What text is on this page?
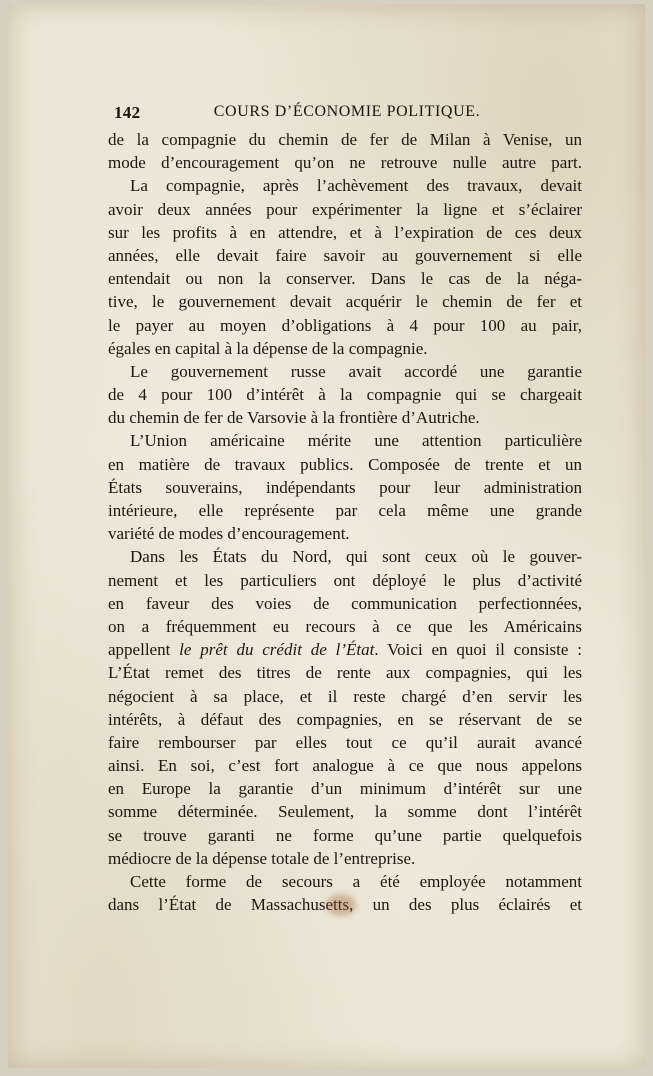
142	COURS D’ÉCONOMIE POLITIQUE.
de la compagnie du chemin de fer de Milan à Venise, un
mode d’encouragement qu’on ne retrouve nulle autre part.
La compagnie, après l’achèvement des travaux, devait
avoir deux années pour expérimenter la ligne et s’éclairer
sur les profits à en attendre, et à l’expiration de ces deux
années, elle devait faire savoir au gouvernement si elle
entendait ou non la conserver. Dans le cas de la néga-
tive, le gouvernement devait acquérir le chemin de fer et
le payer au moyen d’obligations à 4 pour 100 au pair,
égales en capital à la dépense de la compagnie.
Le gouvernement russe avait accordé une garantie
de 4 pour 100 d’intérêt à la compagnie qui se chargeait
du chemin de fer de Varsovie à la frontière d’Autriche.
L’Union américaine mérite une attention particulière
en matière de travaux publics. Composée de trente et un
États souverains, indépendants pour leur administration
intérieure, elle représente par cela même une grande
variété de modes d’encouragement.
Dans les États du Nord, qui sont ceux où le gouver-
nement et les particuliers ont déployé le plus d’activité
en faveur des voies de communication perfectionnées,
on a fréquemment eu recours à ce que les Américains
appellent le prêt du crédit de l’État. Voici en quoi il consiste :
L’État remet des titres de rente aux compagnies, qui les
négocient à sa place, et il reste chargé d’en servir les
intérêts, à défaut des compagnies, en se réservant de se
faire rembourser par elles tout ce qu’il aurait avancé
ainsi. En soi, c’est fort analogue à ce que nous appelons
en Europe la garantie d’un minimum d’intérêt sur une
somme déterminée. Seulement, la somme dont l’intérêt
se trouve garanti ne forme qu’une partie quelquefois
médiocre de la dépense totale de l’entreprise.
Cette forme de secours a été employée notamment
dans l’État de Massachusetts, un des plus éclairés et
